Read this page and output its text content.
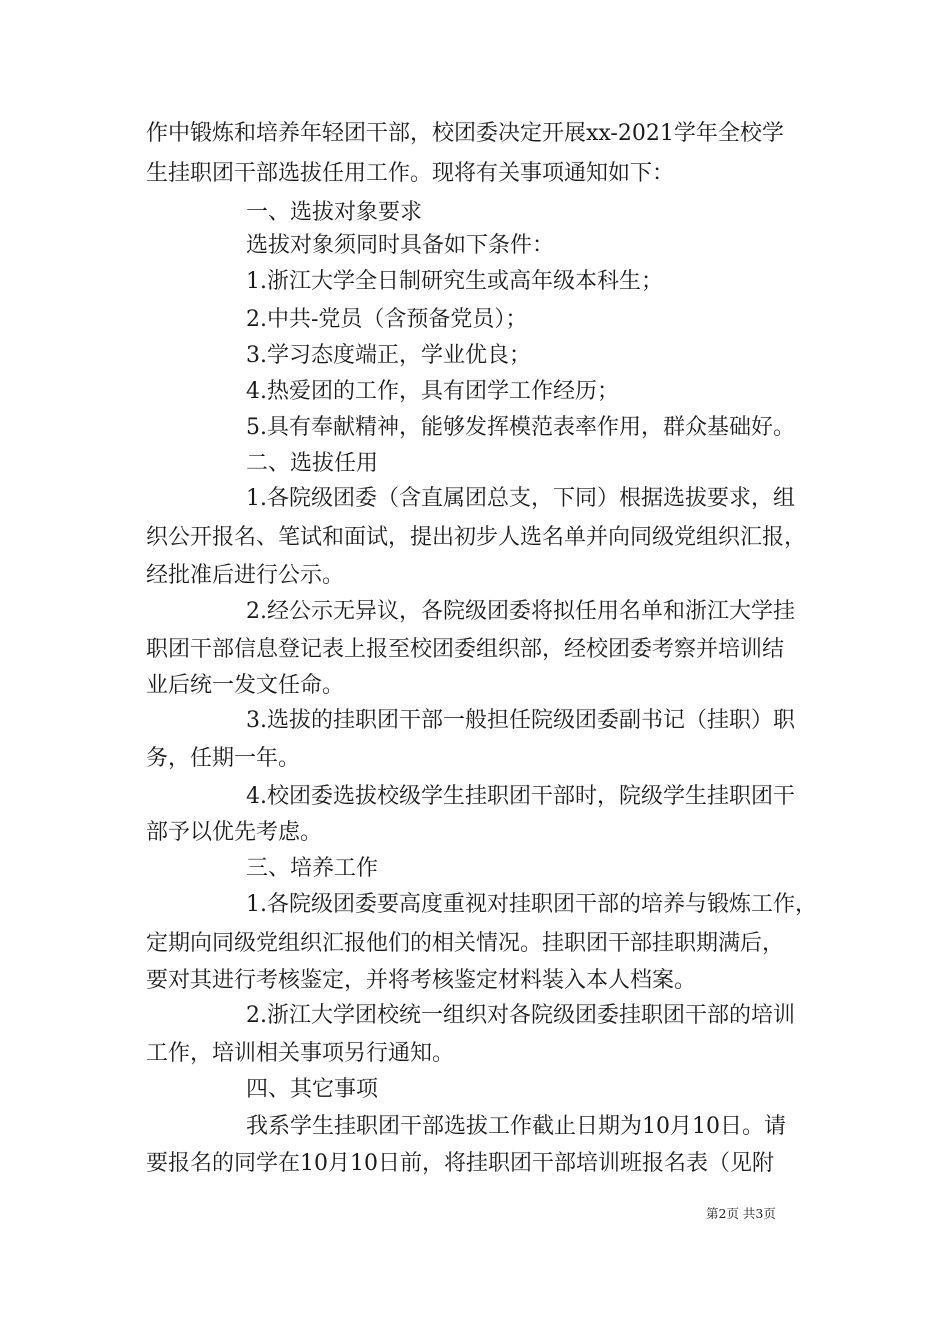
作中锻炼和培养年轻团干部，校团委决定开展xx-2021学年全校学
生挂职团干部选拔任用工作。现将有关事项通知如下：
一、选拔对象要求
选拔对象须同时具备如下条件：
1.浙江大学全日制研究生或高年级本科生；
2.中共-党员（含预备党员）；
3.学习态度端正，学业优良；
4.热爱团的工作，具有团学工作经历；
5.具有奉献精神，能够发挥模范表率作用，群众基础好。
二、选拔任用
1.各院级团委（含直属团总支，下同）根据选拔要求，组
织公开报名、笔试和面试，提出初步人选名单并向同级党组织汇报，
经批准后进行公示。
2.经公示无异议，各院级团委将拟任用名单和浙江大学挂
职团干部信息登记表上报至校团委组织部，经校团委考察并培训结
业后统一发文任命。
3.选拔的挂职团干部一般担任院级团委副书记（挂职）职
务，任期一年。
4.校团委选拔校级学生挂职团干部时，院级学生挂职团干
部予以优先考虑。
三、培养工作
1.各院级团委要高度重视对挂职团干部的培养与锻炼工作，
定期向同级党组织汇报他们的相关情况。挂职团干部挂职期满后，
要对其进行考核鉴定，并将考核鉴定材料装入本人档案。
2.浙江大学团校统一组织对各院级团委挂职团干部的培训
工作，培训相关事项另行通知。
四、其它事项
我系学生挂职团干部选拔工作截止日期为10月10日。请
要报名的同学在10月10日前，将挂职团干部培训班报名表（见附
第2页 共3页
